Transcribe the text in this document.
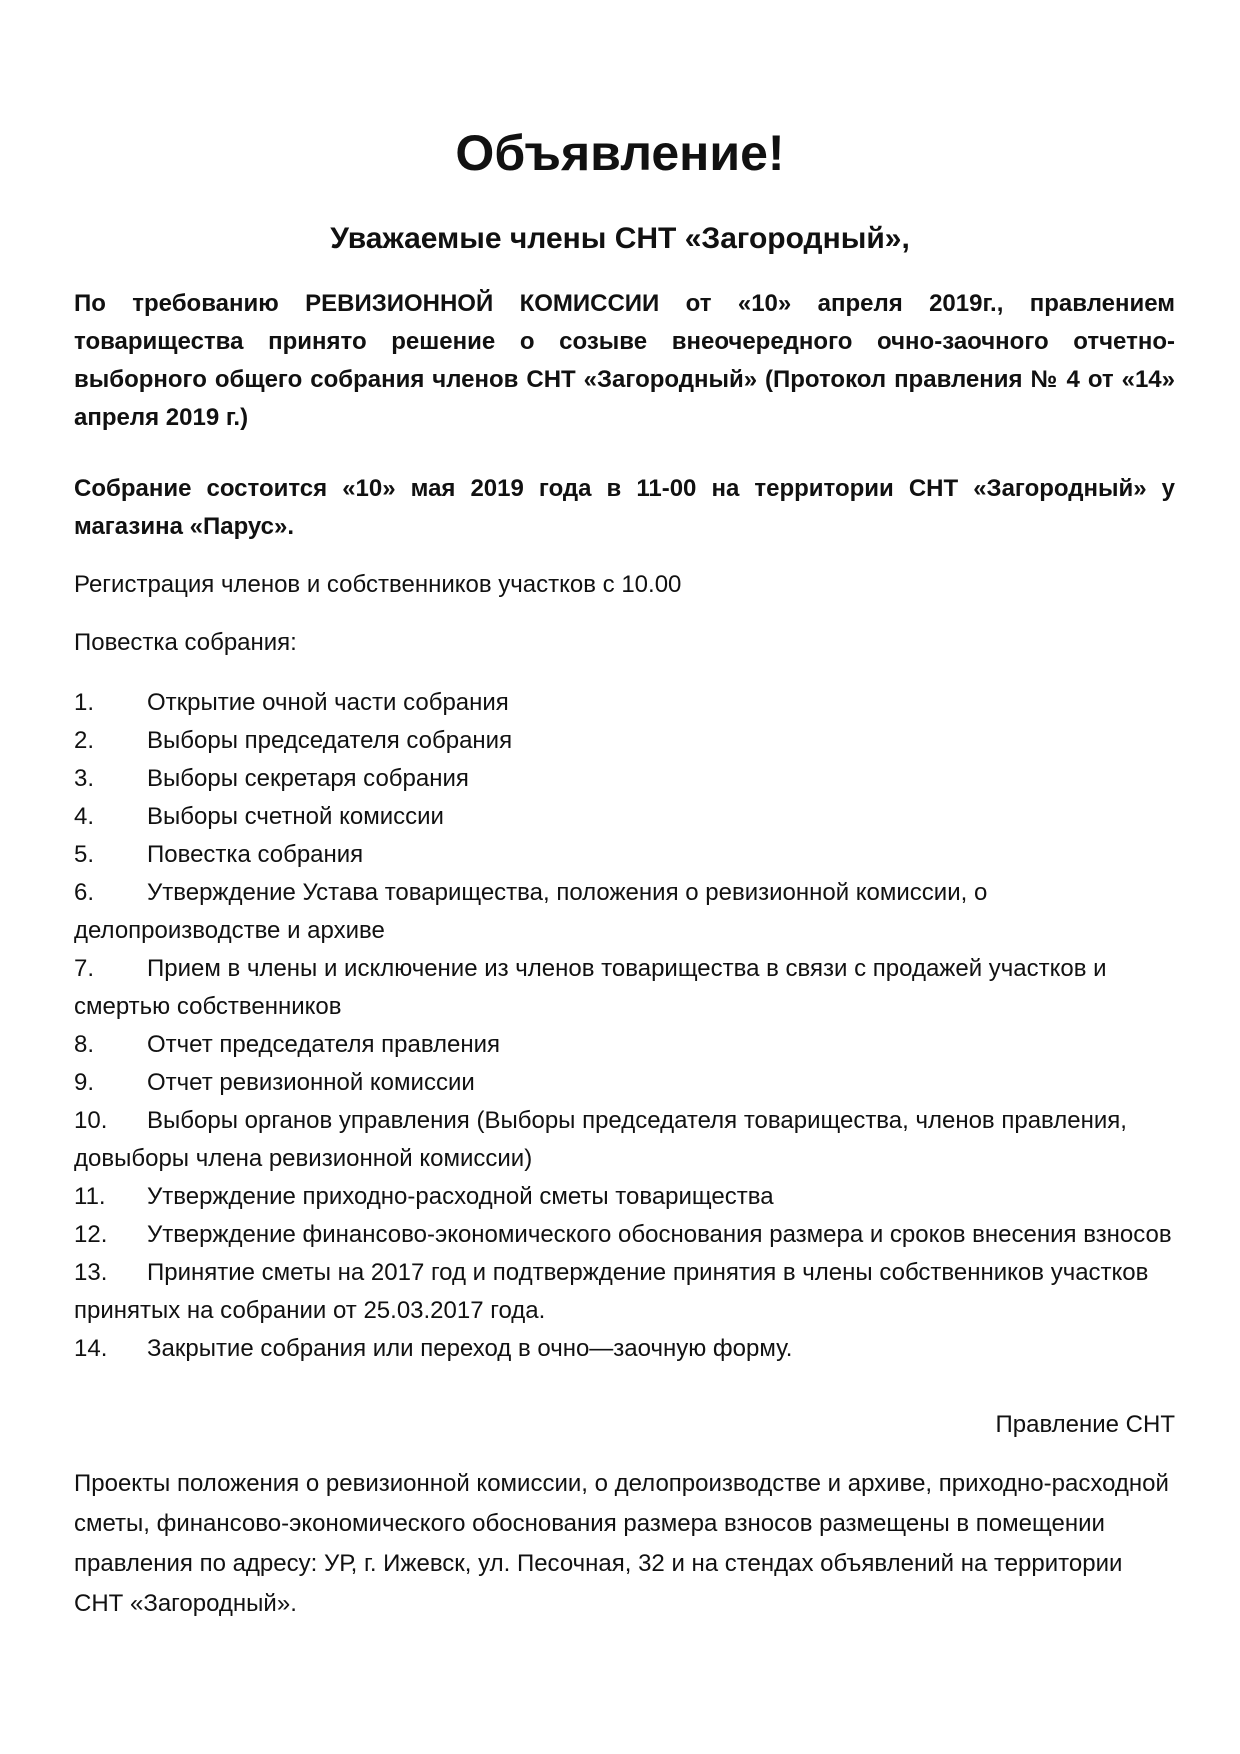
Объявление!
Уважаемые члены СНТ «Загородный»,
По требованию РЕВИЗИОННОЙ КОМИССИИ от «10» апреля 2019г., правлением товарищества принято решение о созыве внеочередного очно-заочного отчетно-выборного общего собрания членов СНТ «Загородный» (Протокол правления № 4 от «14» апреля 2019 г.)
Собрание состоится «10» мая 2019 года в 11-00 на территории СНТ «Загородный» у магазина «Парус».
Регистрация членов и собственников участков с 10.00
Повестка собрания:
1. Открытие очной части собрания
2. Выборы председателя собрания
3. Выборы секретаря собрания
4. Выборы счетной комиссии
5. Повестка собрания
6. Утверждение Устава товарищества, положения о ревизионной комиссии, о делопроизводстве и архиве
7. Прием в члены и исключение из членов товарищества в связи с продажей участков и смертью собственников
8. Отчет председателя правления
9. Отчет ревизионной комиссии
10. Выборы органов управления (Выборы председателя товарищества, членов правления, довыборы члена ревизионной комиссии)
11. Утверждение приходно-расходной сметы товарищества
12. Утверждение финансово-экономического обоснования размера и сроков внесения взносов
13. Принятие сметы на 2017 год и подтверждение принятия в члены собственников участков принятых на собрании от 25.03.2017 года.
14. Закрытие собрания или переход в очно—заочную форму.
Правление СНТ
Проекты положения о ревизионной комиссии, о делопроизводстве и архиве, приходно-расходной сметы, финансово-экономического обоснования размера взносов размещены в помещении правления по адресу: УР, г. Ижевск, ул. Песочная, 32 и на стендах объявлений на территории СНТ «Загородный».
